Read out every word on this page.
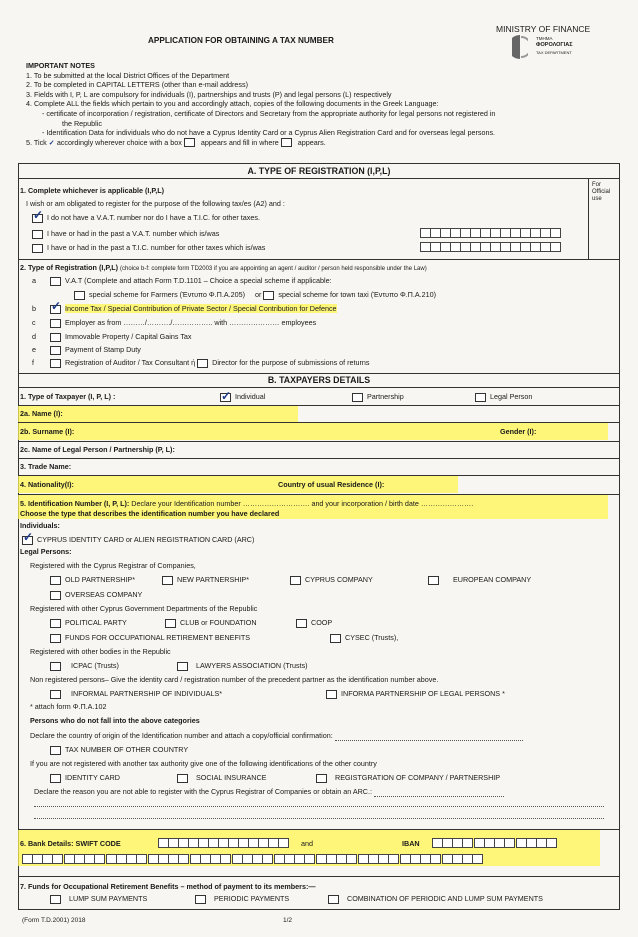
APPLICATION FOR OBTAINING A TAX NUMBER
MINISTRY OF FINANCE
ΤΜΗΜΑ
ΦΟΡΟΛΟΓΙΑΣ
TAX DEPARTMENT

IMPORTANT NOTES

1. To be submitted at the local District Offices of the Department

2. To be completed in CAPITAL LETTERS (other than e-mail address)

3. Fields with I, P, L are compulsory for individuals (I), partnerships and trusts (P) and legal persons (L) respectively

4. Complete ALL the fields which pertain to you and accordingly attach, copies of the following documents in the Greek Language:

- certificate of incorporation / registration, certificate of Directors and Secretary from the appropriate authority for legal persons not registered in

the Republic

- Identification Data for individuals who do not have a Cyprus Identity Card or a Cyprus Alien Registration Card and for overseas legal persons.

5. Tick ✓ accordingly wherever choice with a box	appears and fill in where	appears.

A. TYPE OF REGISTRATION (I,P,L)
For Official use
1. Complete whichever is applicable (I,P,L)
I wish or am obligated to register for the purpose of the following tax/es (A2) and :
✓I do not have a V.A.T. number nor do I have a T.I.C. for other taxes.
I have or had in the past a V.A.T. number which is/was
I have or had in the past a T.I.C. number for other taxes which is/was
2. Type of Registration (I,P,L) (choice b-f: complete form TD2003 if you are appointing an agent / auditor / person held responsible under the Law)
a	V.A.T (Complete and attach Form T.D.1101 – Choice a special scheme if applicable:
special scheme for Farmers (Έντυπο Φ.Π.Α.205) or special scheme for town taxi (Έντυπο Φ.Π.Α.210)
b ✓	Income Tax / Special Contribution of Private Sector / Special Contribution for Defence
c	Employer as from ………/………./…………….. with ………………… employees
d	Immovable Property / Capital Gains Tax
e	Payment of Stamp Duty
f	Registration of Auditor / Tax Consultant ή Director for the purpose of submissions of returns
B. TAXPAYERS DETAILS
1. Type of Taxpayer (I, P, L) : ✓	Individual	Partnership	Legal Person
2a. Name (I):
2b. Surname (I):	Gender (I):
2c. Name of Legal Person / Partnership (P, L):
3. Trade Name:
4. Nationality(I):	Country of usual Residence (I):
5. Identification Number (I, P, L): Declare your Identification number ………………………. and your incorporation / birth date ………………….
Choose the type that describes the identification number you have declared
Individuals:
✓CYPRUS IDENTITY CARD or ALIEN REGISTRATION CARD (ARC)
Legal Persons:
Registered with the Cyprus Registrar of Companies,
OLD PARTNERSHIP*	NEW PARTNERSHIP*	CYPRUS COMPANY	EUROPEAN COMPANY
OVERSEAS COMPANY
Registered with other Cyprus Government Departments of the Republic
POLITICAL PARTY	CLUB or FOUNDATION	COOP
FUNDS FOR OCCUPATIONAL RETIREMENT BENEFITS	CYSEC (Trusts),
Registered with other bodies in the Republic
ICPAC (Trusts)	LAWYERS ASSOCIATION (Trusts)
Non registered persons– Give the identity card / registration number of the precedent partner as the identification number above.
INFORMAL PARTNERSHIP OF INDIVIDUALS*	INFORMA PARTNERSHIP OF LEGAL PERSONS *
* attach form Φ.Π.Α.102
Persons who do not fall into the above categories
Declare the country of origin of the Identification number and attach a copy/official confirmation:
TAX NUMBER OF OTHER COUNTRY
If you are not registered with another tax authority give one of the following identifications of the other country
IDENTITY CARD	SOCIAL INSURANCE	REGISTGRATION OF COMPANY / PARTNERSHIP
Declare the reason you are not able to register with the Cyprus Registrar of Companies or obtain an ARC.:
6. Bank Details: SWIFT CODE	and	IBAN

7. Funds for Occupational Retirement Benefits – method of payment to its members:—
LUMP SUM PAYMENTS	PERIODIC PAYMENTS	COMBINATION OF PERIODIC AND LUMP SUM PAYMENTS
(Form T.D.2001) 2018	1/2
